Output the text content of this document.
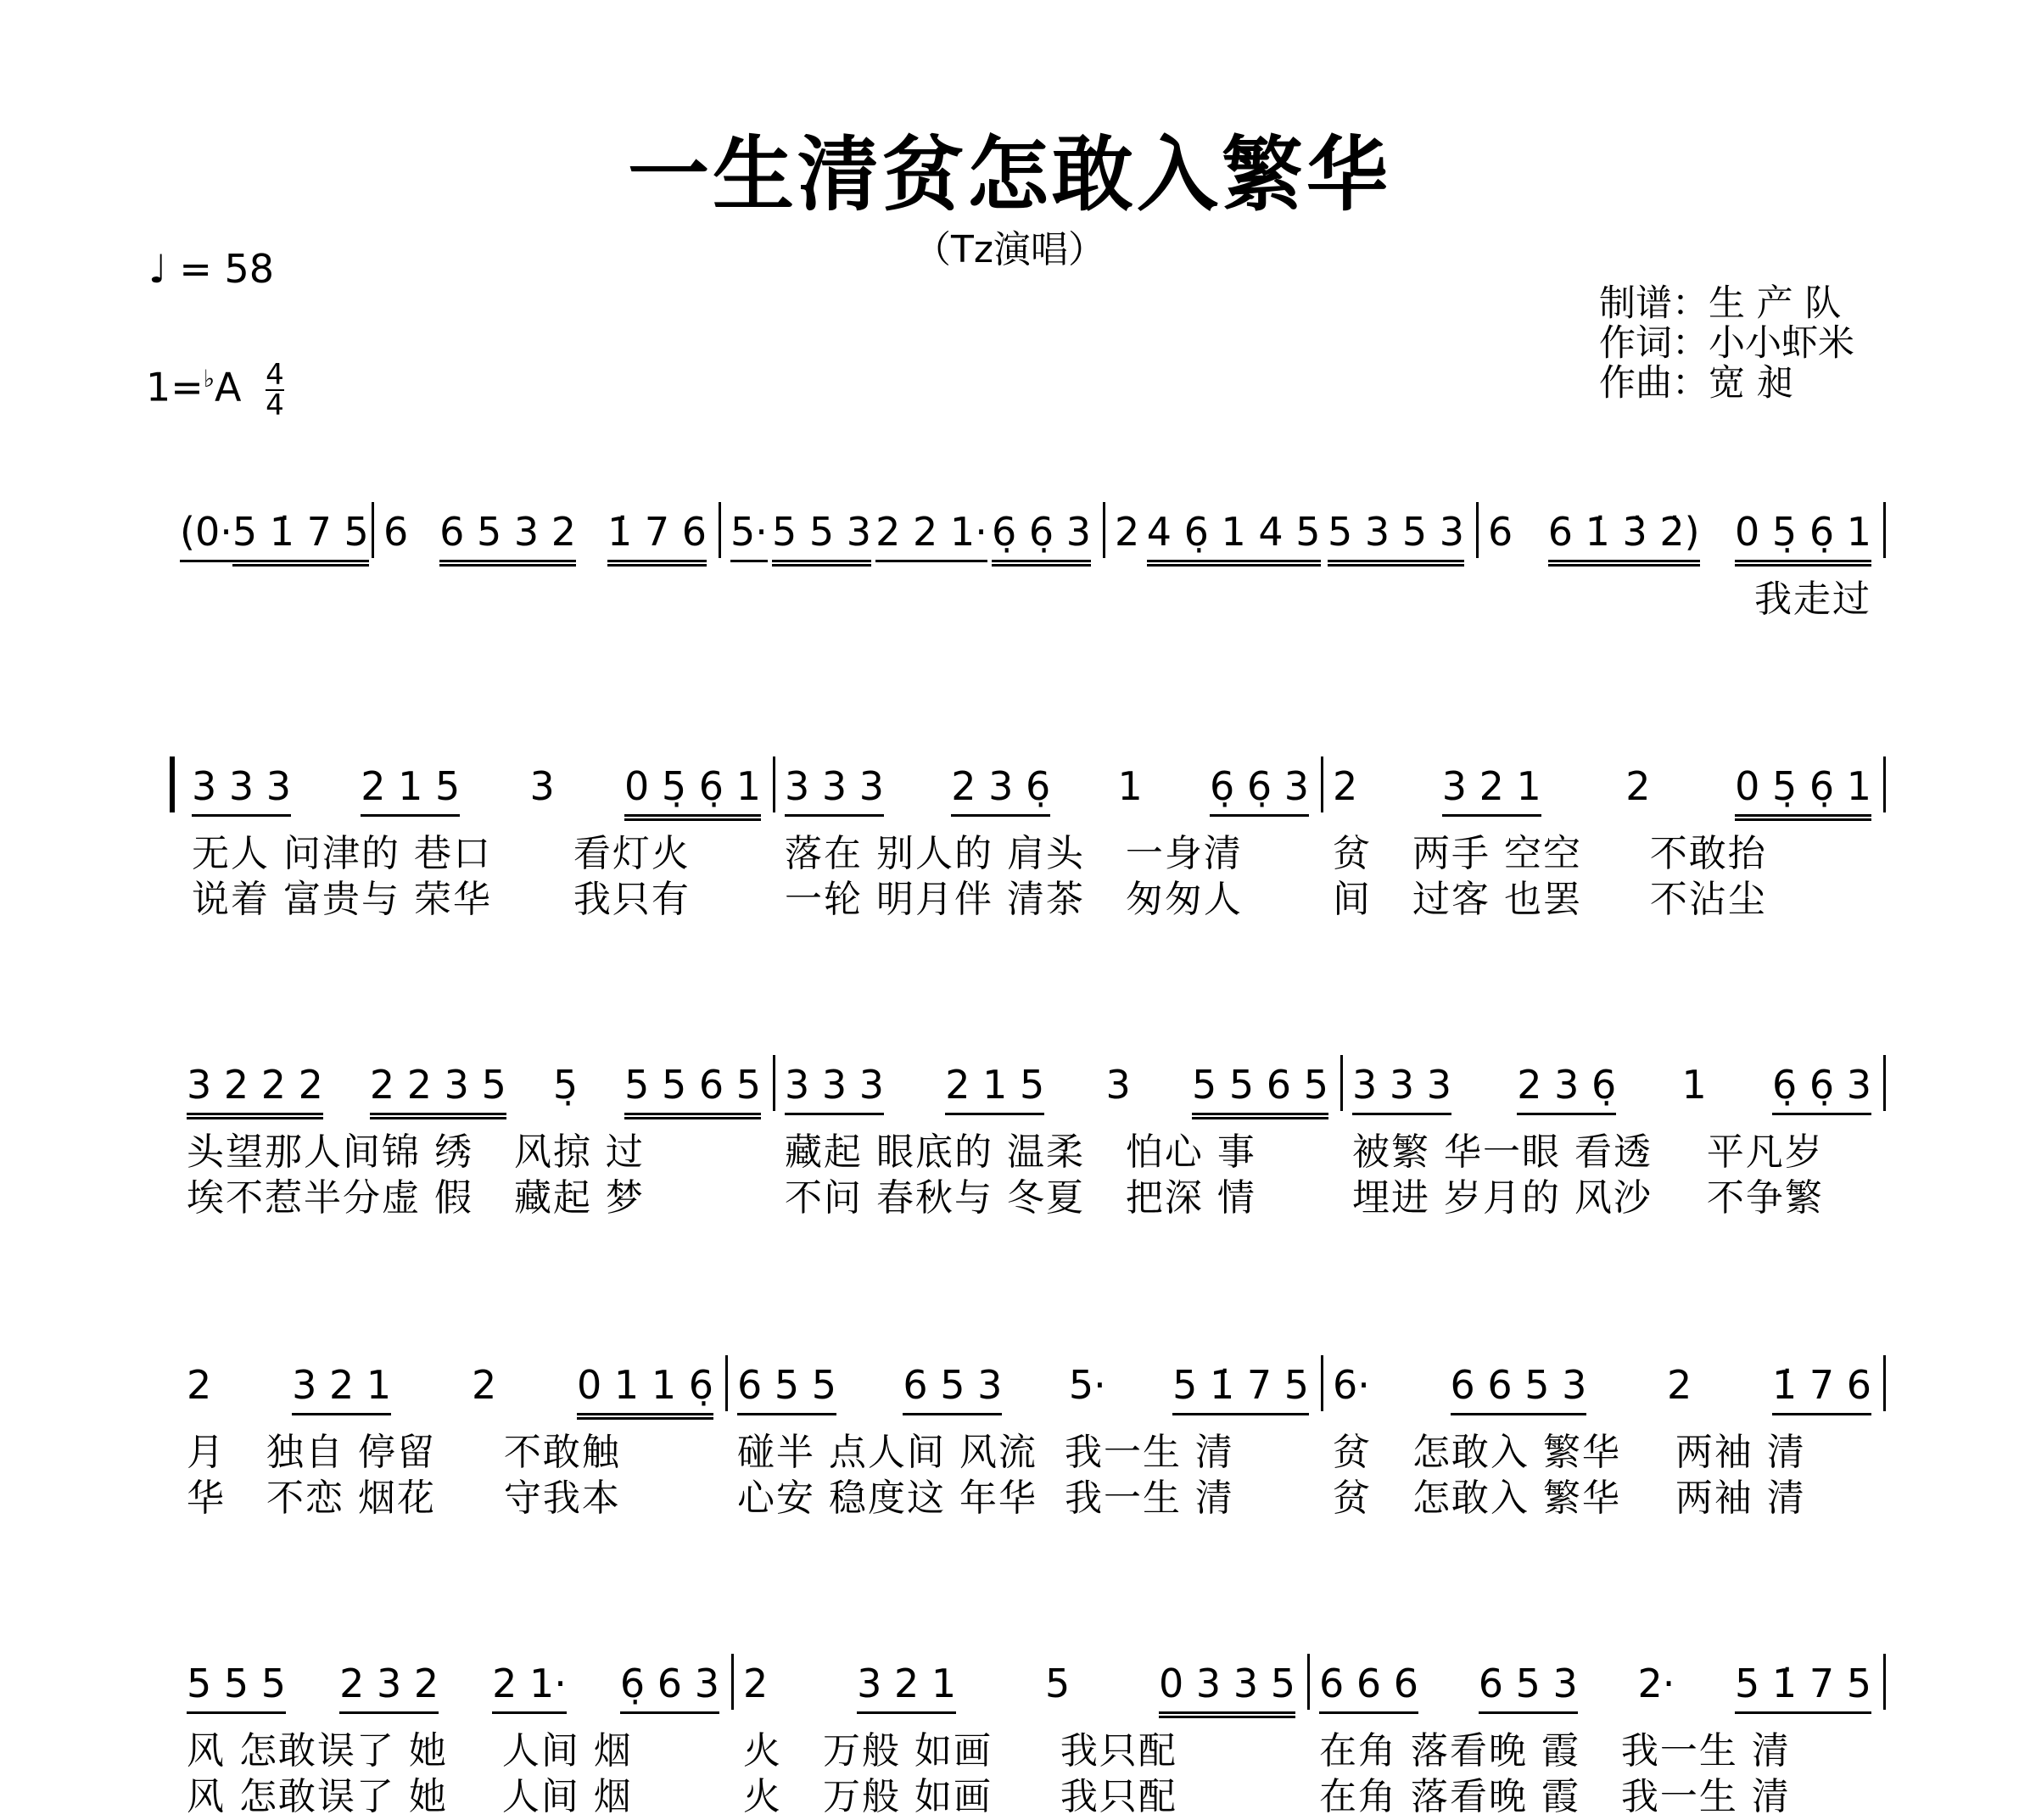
一生清贫怎敢入繁华
（Tz演唱）
♩ = 58
$1=^♭A \frac{4}{4}$
制谱：生 产 队
作词：小小虾米
作曲：宽 昶
(0· 5 1̇ 7 5 6 6 5 3 2 1̇ 7 6 5· 5 5 3 2 2 1· 6̣ 6̣ 3 2 4 6̣ 1 4 5 5 3 5 3 6 6 1̇ 3̇ 2̇) 0 5̣ 6̣ 1
我走过
3 3 3 2 1 5 3 0 5̣ 6̣ 1
无人 问津的 巷口      看灯火
说着 富贵与 荣华      我只有
3 3 3 2 3 6̣ 1 6̣ 6̣ 3
落在 别人的 肩头   一身清
一轮 明月伴 清茶   匆匆人
2 3 2 1 2 0 5̣ 6̣ 1
贫   两手 空空     不敢抬
间   过客 也罢     不沾尘
3 2 2 2 2 2 3 5 5̣ 5 5 6 5
头望那人间锦 绣   风掠 过
埃不惹半分虚 假   藏起 梦
3 3 3 2 1 5 3 5 5 6 5
藏起 眼底的 温柔   怕心 事
不问 春秋与 冬夏   把深 情
3 3 3 2 3 6̣ 1 6̣ 6̣ 3
被繁 华一眼 看透    平凡岁
埋进 岁月的 风沙    不争繁
2 3 2 1 2 0 1 1 6̣
月   独自 停留     不敢触
华   不恋 烟花     守我本
6 5 5 6 5 3 5· 5 1̇ 7 5
碰半 点人间 风流  我一生 清
心安 稳度这 年华  我一生 清
6· 6 6 5 3 2 1̇ 7 6
贫   怎敢入 繁华    两袖 清
贫   怎敢入 繁华    两袖 清
5 5 5 2 3 2 2 1· 6̣ 6 3
风 怎敢误了 她    人间 烟
风 怎敢误了 她    人间 烟
2 3 2 1 5 0 3 3 5
火   万般 如画     我只配
火   万般 如画     我只配
6 6 6 6 5 3 2· 5 1̇ 7 5
在角 落看晚 霞   我一生 清
在角 落看晚 霞   我一生 清
